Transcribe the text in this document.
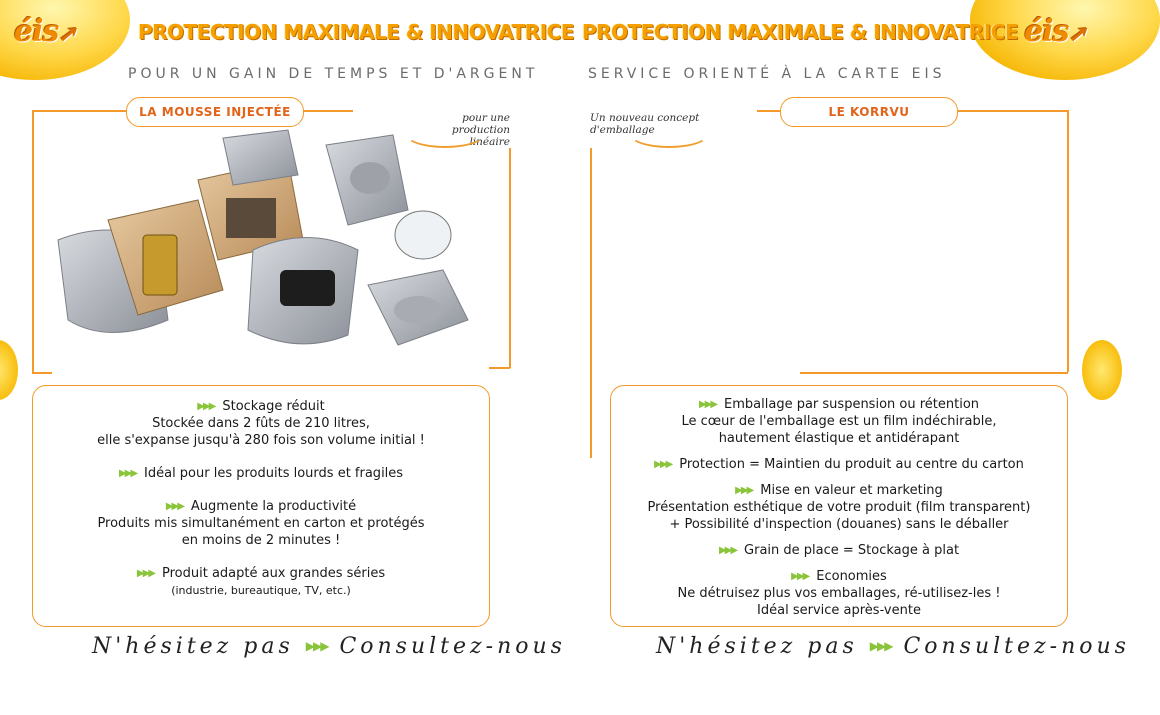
éis➚	éis➚
PROTECTION MAXIMALE & INNOVATRICE PROTECTION MAXIMALE & INNOVATRICE
POUR UN GAIN DE TEMPS ET D'ARGENT	SERVICE ORIENTÉ À LA CARTE EIS
LA MOUSSE INJECTÉE	pour une production
linéaire

▶▶▶ Stockage réduit

Stockée dans 2 fûts de 210 litres,

elle s'expanse jusqu'à 280 fois son volume initial !

▶▶▶ Idéal pour les produits lourds et fragiles

▶▶▶ Augmente la productivité

Produits mis simultanément en carton et protégés

en moins de 2 minutes !

▶▶▶ Produit adapté aux grandes séries

(industrie, bureautique, TV, etc.)

LE KORRVU
Un nouveau concept
d'emballage

▶▶▶ Emballage par suspension ou rétention

Le cœur de l'emballage est un film indéchirable,

hautement élastique et antidérapant

▶▶▶ Protection = Maintien du produit au centre du carton

▶▶▶ Mise en valeur et marketing

Présentation esthétique de votre produit (film transparent)

+ Possibilité d'inspection (douanes) sans le déballer

▶▶▶ Grain de place = Stockage à plat

▶▶▶ Economies

Ne détruisez plus vos emballages, ré-utilisez-les !

Idéal service après-vente

N'hésitez pas ▶▶▶ Consultez-nous	N'hésitez pas ▶▶▶ Consultez-nous
